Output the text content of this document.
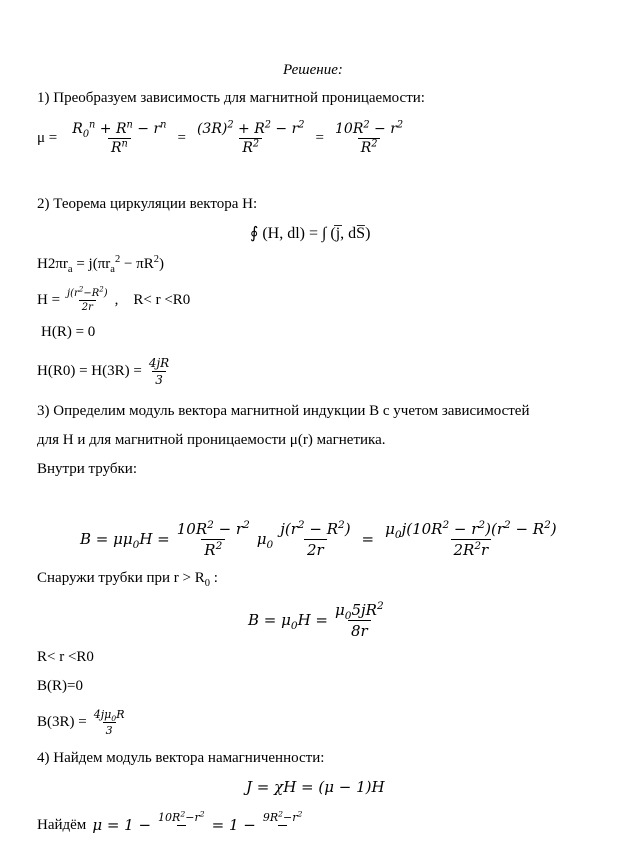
Решение:
1) Преобразуем зависимость для магнитной проницаемости:
$\mu = \frac{R_0^n + R^n - r^n}{R^n} = \frac{(3R)^2 + R^2 - r^2}{R^2} = \frac{10R^2 - r^2}{R^2}$
2) Теорема циркуляции вектора H:
∮ (H, dl) = ∫ (j̅, dS̅)
$H2\pi r_a = j(\pi r_a^2 - \pi R^2)$
$H = \frac{j(r^2-R^2)}{2r}$ , R< r <R0
H(R) = 0
$H(R0) = H(3R) = \frac{4jR}{3}$
3) Определим модуль вектора магнитной индукции B с учетом зависимостей
для H и для магнитной проницаемости μ(r) магнетика.
Внутри трубки:
$B = \mu\mu_0H = \frac{10R^2 - r^2}{R^2} \mu_0 \frac{j(r^2 - R^2)}{2r} = \frac{\mu_0j(10R^2 - r^2)(r^2 - R^2)}{2R^2r}$
Снаружи трубки при $r > R_0$ :
$B = \mu_0H = \frac{\mu_05jR^2}{8r}$
R< r <R0
B(R)=0
$B(3R) = \frac{4j\mu_0R}{3}$
4) Найдем модуль вектора намагниченности:
J = χH = (μ − 1)H
Найдём $\mu = 1 - 10R^2-r^2$

= $1 - 9R^2-r^2$
